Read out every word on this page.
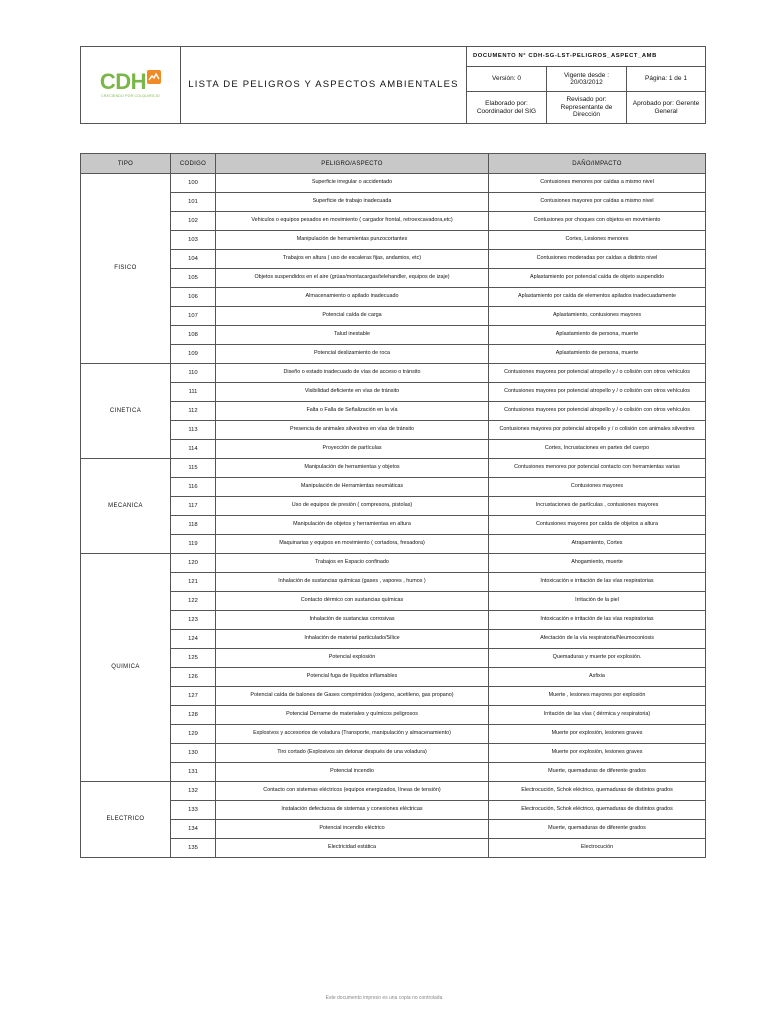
CDH
CRECIENDO POR COLQUIRICIO	LISTA DE PELIGROS Y ASPECTOS AMBIENTALES	DOCUMENTO N° CDH-SG-LST-PELIGROS_ASPECT_AMB		
		Versión: 0	Vigente desde : 20/03/2012	Página: 1 de 1
		Elaborado por: Coordinador del SIG	Revisado por: Representante de Dirección	Aprobado por: Gerente General
TIPO	CODIGO	PELIGRO/ASPECTO	DAÑO/IMPACTO
FISICO	100	Superficie irregular o accidentado	Contusiones menores por caídas a mismo nivel
	101	Superficie de trabajo inadecuada	Contusiones mayores por caídas a mismo nivel
	102	Vehiculos o equipos pesados en movimiento ( cargador frontal, retroexcavadora,etc)	Contusiones por choques con objetos en movimiento
	103	Manipulación de herramientas punzocortantes	Cortes, Lesiones menores
	104	Trabajos en altura ( uso de escaleras fijas, andamios, etc)	Contusiones moderadas por caídas a distinto nivel
	105	Objetos suspendidos en el aire (grúas/montacargas/telehandler, equipos de izaje)	Aplastamiento por potencial caída de objeto suspendido
	106	Almacenamiento o apilado inadecuado	Aplastamiento por caída de elementos apilados inadecuadamente
	107	Potencial caída de carga	Aplastamiento, contusiones mayores
	108	Talud inestable	Aplastamiento de persona, muerte
	109	Potencial deslizamiento de roca	Aplastamiento de persona, muerte
CINETICA	110	Diseño o estado inadecuado de vías de acceso o tránsito	Contusiones mayores por potencial atropello y / o colisión con otros vehículos
	111	Visibilidad deficiente en vías de tránsito	Contusiones mayores por potencial atropello y / o colisión con otros vehículos
	112	Falta o Falla de Señalización en la vía	Contusiones mayores por potencial atropello y / o colisión con otros vehículos
	113	Presencia de animales silvestres en vías de tránsito	Contusiones mayores por potencial atropello y / o colisión con animales silvestres
	114	Proyección de partículas	Cortes, Incrustaciones en partes del cuerpo
MECANICA	115	Manipulación de herramientas y objetos	Contusiones menores por potencial contacto con herramientas varias
	116	Manipulación de Herramientas neumáticas	Contusiones mayores
	117	Uso de equipos de presión ( compresora, pistolas)	Incrustaciones de partículas , contusiones mayores
	118	Manipulación de objetos y herramientas en altura	Contusiones mayores por caída de objetos a altura
	119	Maquinarias y equipos en movimiento ( cortadora, fresadora)	Atrapamiento, Cortes
QUIMICA	120	Trabajos en Espacio confinado	Ahogamiento, muerte
	121	Inhalación de sustancias químicas (gases , vapores , humos )	Intoxicación e irritación de las vías respiratorias
	122	Contacto dérmico con sustancias químicas	Irritación de la piel
	123	Inhalación de sustancias corrosivas	Intoxicación e irritación de las vías respiratorias
	124	Inhalación de material particulado/Sílice	Afectación de la vía respiratoria/Neumoconiosis
	125	Potencial explosión	Quemaduras y muerte por explosión.
	126	Potencial fuga de líquidos inflamables	Asfixia
	127	Potencial caída de balones de Gases comprimidos (oxígeno, acetileno, gas propano)	Muerte , lesiones mayores por explosión
	128	Potencial Derrame de materiales y químicos peligrosos	Irritación de las vías ( dérmica y respiratoria)
	129	Explosivos y accesorios de voladura (Transporte, manipulación y almacenamiento)	Muerte por explosión, lesiones graves
	130	Tiro cortado (Explosivos sin detonar después de una voladura)	Muerte por explosión, lesiones graves
	131	Potencial incendio	Muerte, quemaduras de diferente grados
ELECTRICO	132	Contacto con sistemas eléctricos (equipos energizados, líneas de tensión)	Electrocución, Schok eléctrico, quemaduras de distintos grados
	133	Instalación defectuosa de sistemas y conexiones eléctricas	Electrocución, Schok eléctrico, quemaduras de distintos grados
	134	Potencial incendio eléctrico	Muerte, quemaduras de diferente grados
	135	Electricidad estática	Electrocución
Este documento impreso es una copia no controlada
